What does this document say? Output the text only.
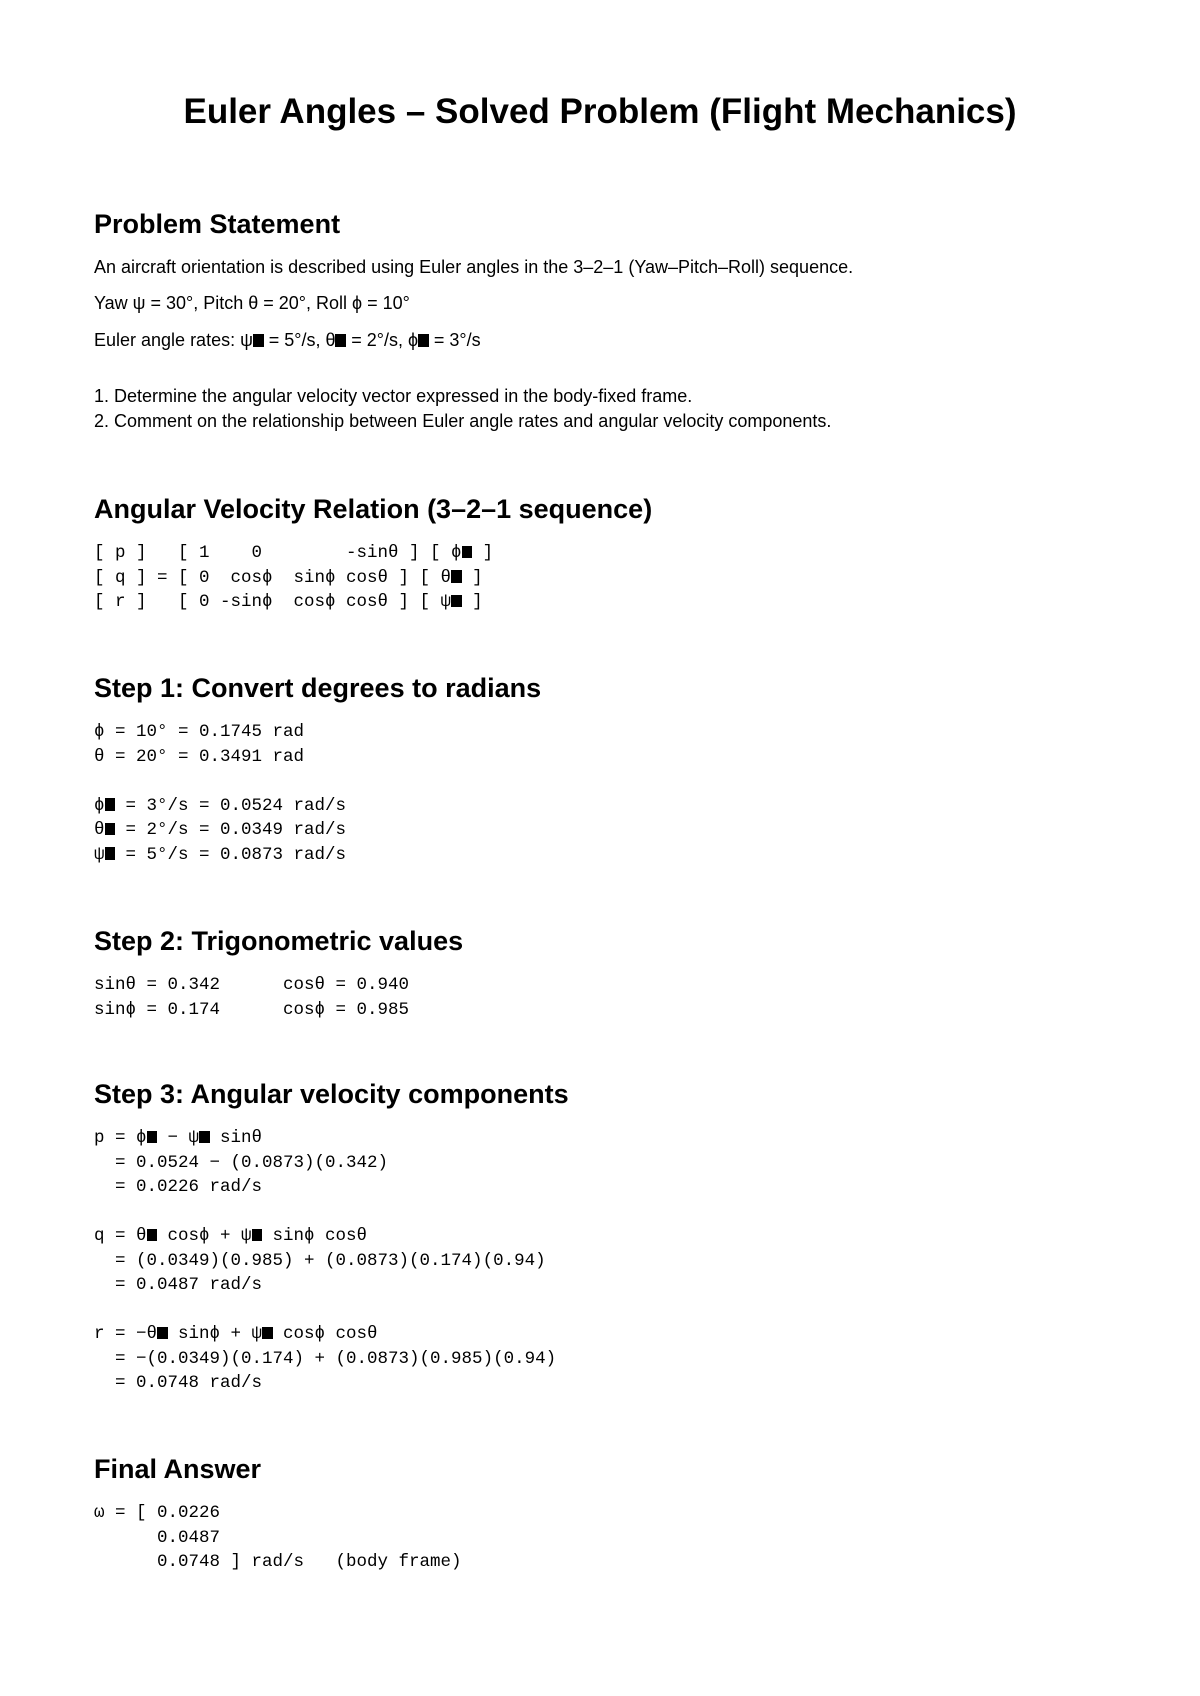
Euler Angles – Solved Problem (Flight Mechanics)
Problem Statement

An aircraft orientation is described using Euler angles in the 3–2–1 (Yaw–Pitch–Roll) sequence.

Yaw ψ = 30°, Pitch θ = 20°, Roll ϕ = 10°

Euler angle rates: ψ = 5°/s, θ = 2°/s, ϕ = 3°/s

1. Determine the angular velocity vector expressed in the body-fixed frame.

2. Comment on the relationship between Euler angle rates and angular velocity components.

Angular Velocity Relation (3–2–1 sequence)
[ p ]   [ 1    0        -sinθ ] [ ϕ ]
[ q ] = [ 0  cosϕ  sinϕ cosθ ] [ θ ]
[ r ]   [ 0 -sinϕ  cosϕ cosθ ] [ ψ ]
Step 1: Convert degrees to radians
ϕ = 10° = 0.1745 rad
θ = 20° = 0.3491 rad
ϕ = 3°/s = 0.0524 rad/s
θ = 2°/s = 0.0349 rad/s
ψ = 5°/s = 0.0873 rad/s
Step 2: Trigonometric values
sinθ = 0.342      cosθ = 0.940
sinϕ = 0.174      cosϕ = 0.985
Step 3: Angular velocity components
p = ϕ − ψ sinθ
= 0.0524 − (0.0873)(0.342)
= 0.0226 rad/s
q = θ cosϕ + ψ sinϕ cosθ
= (0.0349)(0.985) + (0.0873)(0.174)(0.94)
= 0.0487 rad/s
r = −θ sinϕ + ψ cosϕ cosθ
= −(0.0349)(0.174) + (0.0873)(0.985)(0.94)
= 0.0748 rad/s
Final Answer
ω = [ 0.0226
0.0487
0.0748 ] rad/s   (body frame)
